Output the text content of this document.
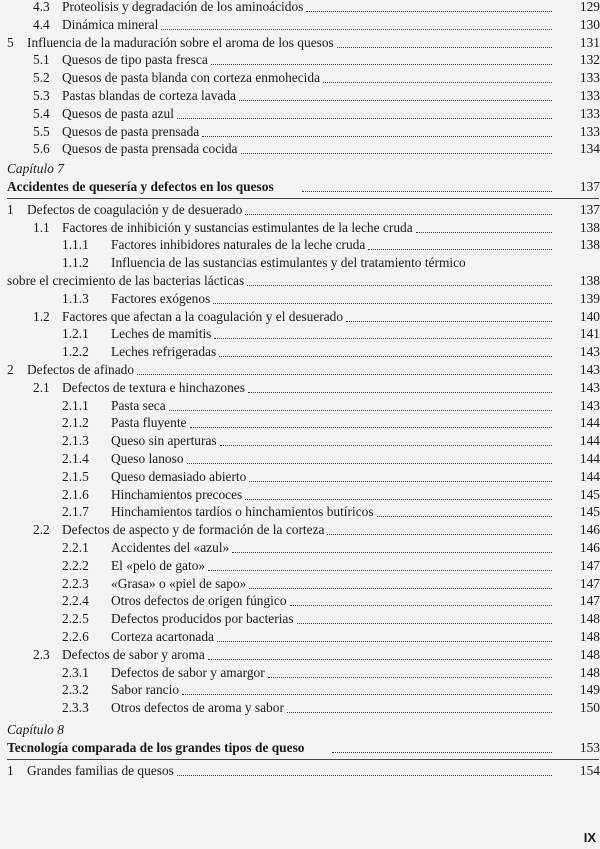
4.3 Proteolisis y degradación de los aminoácidos	129
4.4 Dinámica mineral	130
5 Influencia de la maduración sobre el aroma de los quesos	131
5.1 Quesos de tipo pasta fresca	132
5.2 Quesos de pasta blanda con corteza enmohecida	133
5.3 Pastas blandas de corteza lavada	133
5.4 Quesos de pasta azul	133
5.5 Quesos de pasta prensada	133
5.6 Quesos de pasta prensada cocida	134
Capítulo 7
Accidentes de quesería y defectos en los quesos	137
1 Defectos de coagulación y de desuerado	137
1.1 Factores de inhibición y sustancias estimulantes de la leche cruda	138
1.1.1	Factores inhibidores naturales de la leche cruda	138
1.1.2	Influencia de las sustancias estimulantes y del tratamiento térmico
sobre el crecimiento de las bacterias lácticas	138
1.1.3	Factores exógenos	139
1.2 Factores que afectan a la coagulación y el desuerado	140
1.2.1	Leches de mamitis	141
1.2.2	Leches refrigeradas	143
2 Defectos de afinado	143
2.1 Defectos de textura e hinchazones	143
2.1.1	Pasta seca	143
2.1.2	Pasta fluyente	144
2.1.3	Queso sin aperturas	144
2.1.4	Queso lanoso	144
2.1.5	Queso demasiado abierto	144
2.1.6	Hinchamientos precoces	145
2.1.7	Hinchamientos tardíos o hinchamientos butíricos	145
2.2 Defectos de aspecto y de formación de la corteza	146
2.2.1	Accidentes del «azul»	146
2.2.2	El «pelo de gato»	147
2.2.3	«Grasa» o «piel de sapo»	147
2.2.4	Otros defectos de origen fúngico	147
2.2.5	Defectos producidos por bacterias	148
2.2.6	Corteza acartonada	148
2.3 Defectos de sabor y aroma	148
2.3.1	Defectos de sabor y amargor	148
2.3.2	Sabor rancio	149
2.3.3	Otros defectos de aroma y sabor	150
Capítulo 8
Tecnología comparada de los grandes tipos de queso	153
1 Grandes familias de quesos	154
IX
